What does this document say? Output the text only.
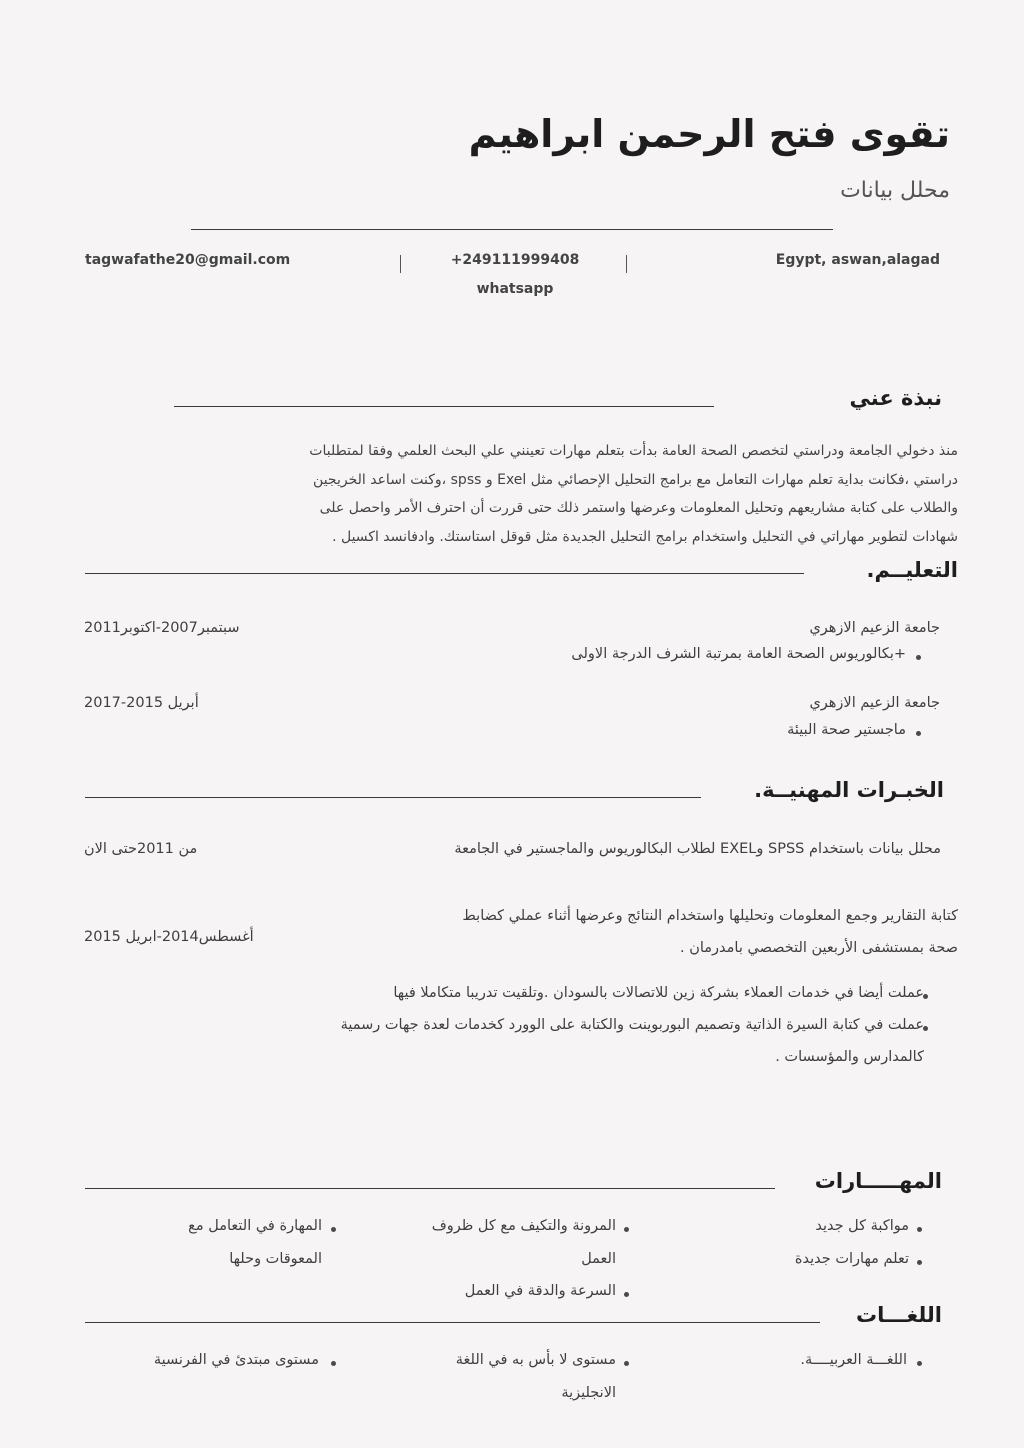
تقوى فتح الرحمن ابراهيم
محلل بيانات
tagwafathe20@gmail.com	+249111999408
whatsapp
Egypt, aswan,alagad
نبذة عني
منذ دخولي الجامعة ودراستي لتخصص الصحة العامة بدأت بتعلم مهارات تعينني علي البحث العلمي وفقا لمتطلبات
دراستي ،فكانت بداية تعلم مهارات التعامل مع برامج التحليل الإحصائي مثل Exel و spss ،وكنت اساعد الخريجين
والطلاب على كتابة مشاريعهم وتحليل المعلومات وعرضها واستمر ذلك حتى قررت أن احترف الأمر واحصل على
شهادات لتطوير مهاراتي في التحليل واستخدام برامج التحليل الجديدة مثل قوقل استاستك. وادفانسد اكسيل .
التعليــم.
جامعة الزعيم الازهري
سبتمبر2007-اكتوبر2011
+بكالوريوس الصحة العامة بمرتبة الشرف الدرجة الاولى
جامعة الزعيم الازهري
أبريل 2015-2017
ماجستير صحة البيئة
الخبـرات المهنيــة.
محلل بيانات باستخدام SPSS وEXEL لطلاب البكالوريوس والماجستير في الجامعة
من 2011حتى الان
كتابة التقارير وجمع المعلومات وتحليلها واستخدام النتائج وعرضها أثناء عملي كضابط
صحة بمستشفى الأربعين التخصصي بامدرمان .
أغسطس2014-ابريل 2015
عملت أيضا في خدمات العملاء بشركة زين للاتصالات بالسودان .وتلقيت تدريبا متكاملا فيها
عملت في كتابة السيرة الذاتية وتصميم البوربوينت والكتابة على الوورد كخدمات لعدة جهات رسمية
كالمدارس والمؤسسات .
المهـــــارات
مواكبة كل جديد
تعلم مهارات جديدة
المرونة والتكيف مع كل ظروف
العمل
السرعة والدقة في العمل
المهارة في التعامل مع
المعوقات وحلها
اللغـــات
اللغـــة العربيــــة.
مستوى لا بأس به في اللغة
الانجليزية
مستوى مبتدئ في الفرنسية
